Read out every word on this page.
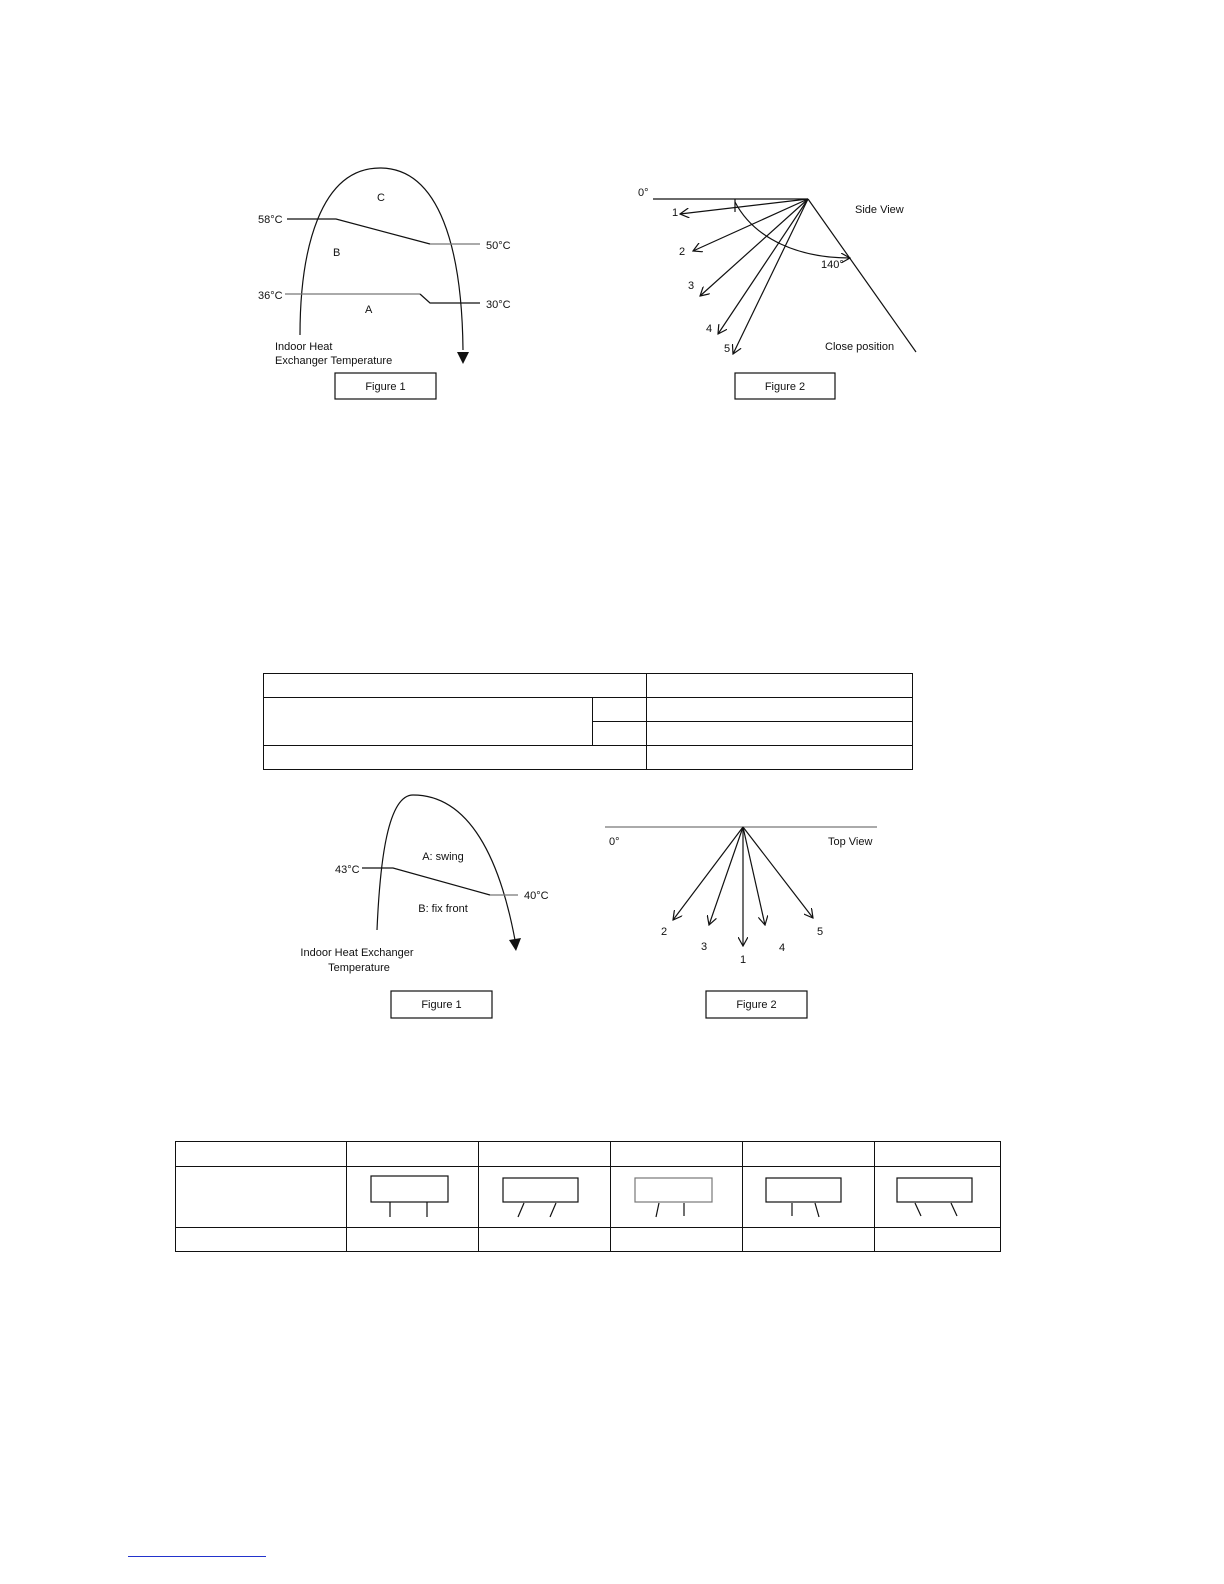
58°C
50°C
36°C
30°C
C
B
A
Indoor Heat
Exchanger Temperature
Figure 1
0°
Side View
140°
Close position
1
2
3
4
5
Figure 2
43°C
40°C
A: swing
B: fix front
Indoor Heat Exchanger
Temperature
Figure 1
0°	Top View
2
3
1
4
5
Figure 2
